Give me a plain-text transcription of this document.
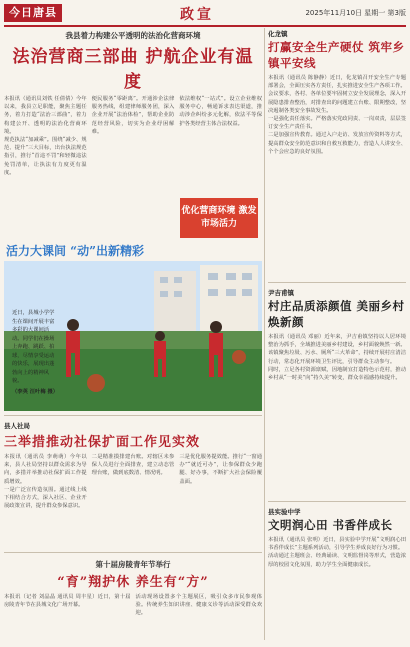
今日唐县	政宣	2025年11月10日 星期一 第3版
我县着力构建公平透明的法治化营商环境
法治营商三部曲 护航企业有温度
本报讯（通讯员刘铁 任倩倩）今年以来，我县立足职能，聚焦主题任务，着力打造“法治三部曲”，着力构建公开、透明的法治化营商环境。
规范执法“加减乘”。围绕“减少、规范、提升”三大目标，出台执法规范指引，推行“首违不罚”和轻微违法免罚清单，让执法有力度更有温度。
便民服务“零距离”。开通涉企法律服务热线，组建律师服务团，深入企业开展“法治体检”，帮助企业防范经营风险，切实为企业纾困解难。
依法维权“一站式”。设立企业维权服务中心，畅通诉求表达渠道，推动涉企纠纷多元化解，依法平等保护各类经营主体合法权益。
优化营商环境 激发市场活力
活力大课间 “动”出新精彩
近日，县城小学学生在课间开展丰富多彩的大课间活动。同学们在操场上奔跑、跳跃、拍球，尽情享受运动的快乐，展现出蓬勃向上的精神风貌。
（李英 汪叶梅 摄）
县人社局
三举措推动社保扩面工作见实效
本报讯（通讯员 李萌萌）今年以来，县人社局坚持以群众需求为导向，多措并举推动社保扩面工作提质增效。
一是广泛宣传造氛围。通过线上线下相结合方式，深入社区、企业开展政策宣讲，提升群众参保意识。
二是精准摸排建台账。对辖区未参保人员进行全面排查，建立动态管理台账，做到底数清、情况明。
三是优化服务提效能。推行“一窗通办”“就近可办”，让参保群众少跑腿、好办事，不断扩大社会保险覆盖面。
第十届房陵青年节举行
“育”翔护休 养生有“方”
本报讯（记者 刘晶晶 通讯员 周丰星）近日，第十届房陵青年节在县城文化广场开幕。
活动现场设置多个主题展区，吸引众多市民参观体验。传统养生知识讲座、健康义诊等活动深受群众欢迎。
化龙镇
打赢安全生产硬仗 筑牢乡镇平安线
本报讯（通讯员 陈静静）近日，化龙镇召开安全生产专题部署会，全面压实各方责任，扎实推进安全生产各项工作。
会议要求，各村、各单位要牢固树立安全发展理念，深入开展隐患排查整治，对排查出的问题建立台账、限期整改，坚决遏制各类安全事故发生。
一是强化责任落实。严格落实党政同责、一岗双责，层层签订安全生产责任书。
二是加强宣传教育。通过入户走访、发放宣传资料等方式，提高群众安全防范意识和自救互救能力，营造人人讲安全、个个会应急的良好氛围。
尹吉甫镇
村庄品质添颜值 美丽乡村焕新颜
本报讯（通讯员 邓丽）近年来，尹吉甫镇坚持以人居环境整治为抓手，全域推进美丽乡村建设，乡村面貌焕然一新。
该镇聚焦垃圾、污水、厕所“三大革命”，持续开展村庄清洁行动，常态化开展环境卫生评比，引导群众主动参与。
同时，立足各村资源禀赋，因地制宜打造特色示范村，推动乡村从“一时美”向“持久美”转变，群众幸福感持续提升。
县实验中学
文明润心田 书香伴成长
本报讯（通讯员 张明）近日，县实验中学开展“文明润心田 书香伴成长”主题系列活动，引导学生养成良好行为习惯。
活动通过主题班会、经典诵读、文明监督岗等形式，营造浓厚的校园文化氛围，助力学生全面健康成长。
